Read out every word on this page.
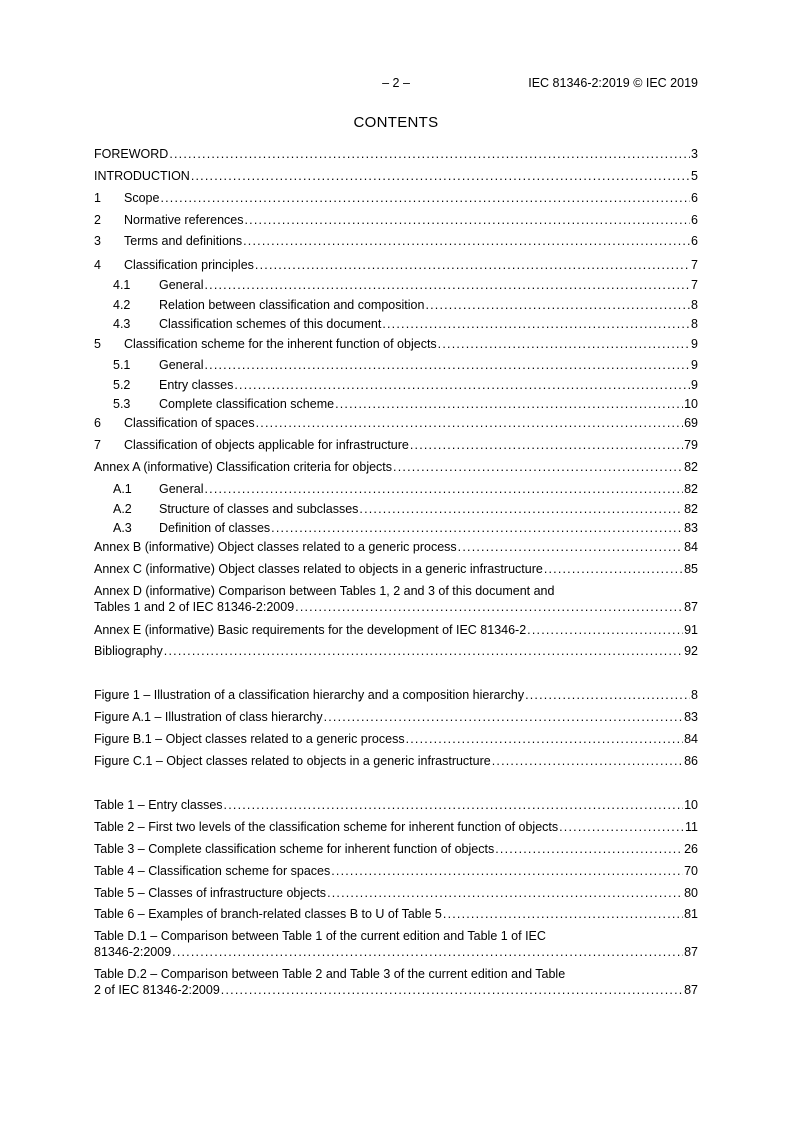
– 2 –	IEC 81346-2:2019 © IEC 2019
CONTENTS
FOREWORD .....	3
INTRODUCTION .....	5
1	Scope .....	6
2	Normative references .....	6
3	Terms and definitions .....	6
4	Classification principles .....	7
4.1	General .....	7
4.2	Relation between classification and composition .....	8
4.3	Classification schemes of this document .....	8
5	Classification scheme for the inherent function of objects .....	9
5.1	General .....	9
5.2	Entry classes .....	9
5.3	Complete classification scheme .....	10
6	Classification of spaces .....	69
7	Classification of objects applicable for infrastructure .....	79
Annex A (informative) Classification criteria for objects .....	82
A.1	General .....	82
A.2	Structure of classes and subclasses .....	82
A.3	Definition of classes .....	83
Annex B (informative) Object classes related to a generic process .....	84
Annex C (informative) Object classes related to objects in a generic infrastructure .....	85
Annex D (informative) Comparison between Tables 1, 2 and 3 of this document and
Tables 1 and 2 of IEC 81346-2:2009 .....	87
Annex E (informative) Basic requirements for the development of IEC 81346-2 .....	91
Bibliography .....	92
Figure 1 – Illustration of a classification hierarchy and a composition hierarchy .....	8
Figure A.1 – Illustration of class hierarchy .....	83
Figure B.1 – Object classes related to a generic process .....	84
Figure C.1 – Object classes related to objects in a generic infrastructure .....	86
Table 1 – Entry classes .....	10
Table 2 – First two levels of the classification scheme for inherent function of objects .....	11
Table 3 – Complete classification scheme for inherent function of objects .....	26
Table 4 – Classification scheme for spaces .....	70
Table 5 – Classes of infrastructure objects .....	80
Table 6 – Examples of branch-related classes B to U of Table 5 .....	81
Table D.1 – Comparison between Table 1 of the current edition and Table 1 of IEC
81346-2:2009 .....	87
Table D.2 – Comparison between Table 2 and Table 3 of the current edition and Table
2 of IEC 81346-2:2009 .....	87
